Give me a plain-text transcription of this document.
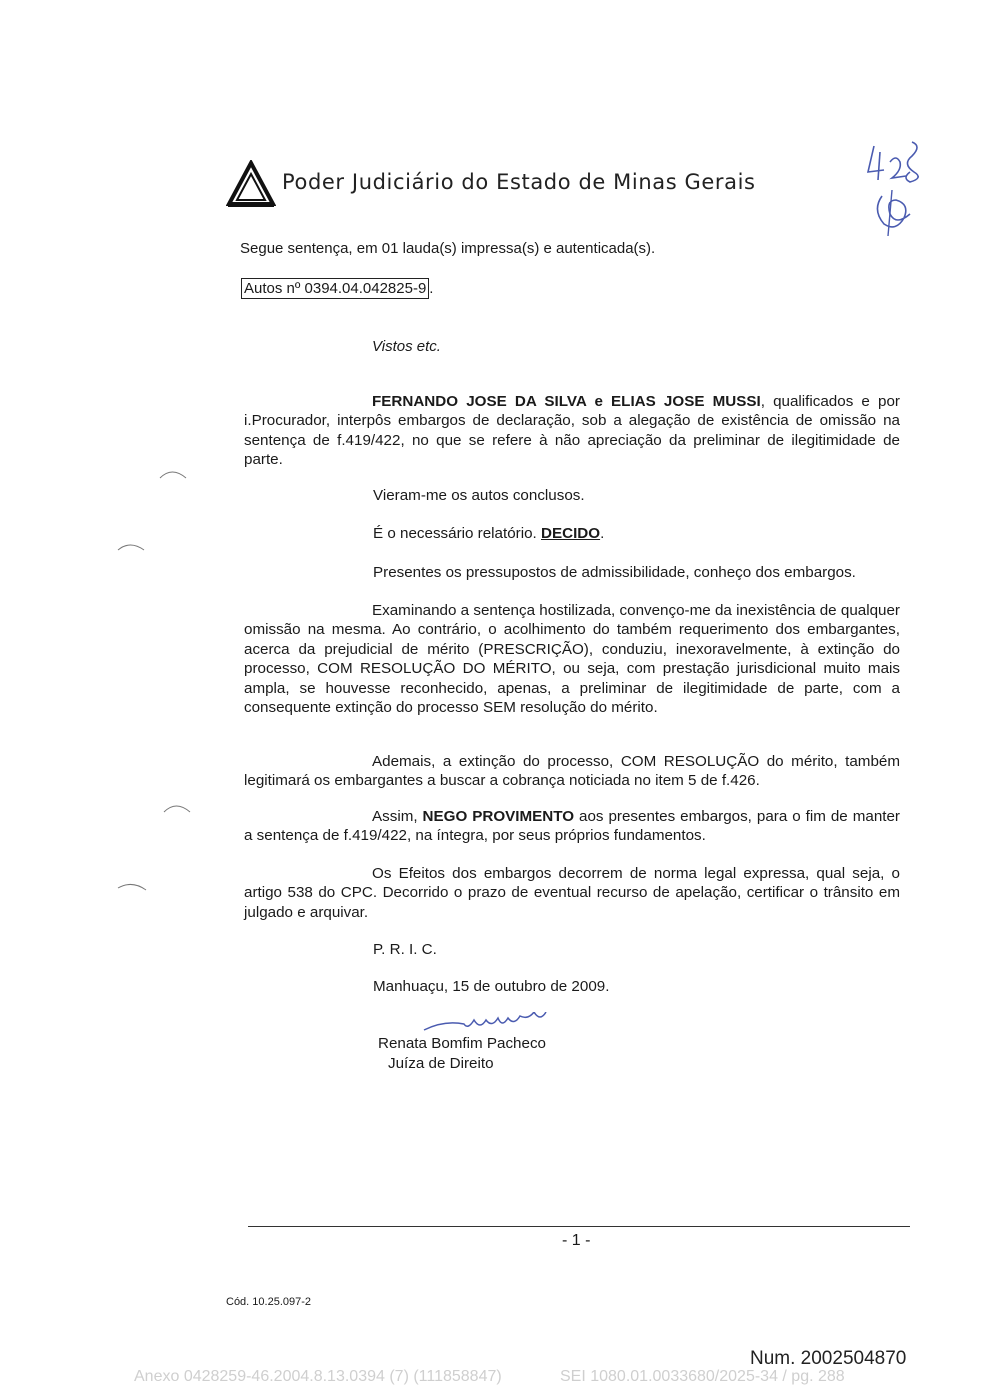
Poder Judiciário do Estado de Minas Gerais
Segue sentença, em 01 lauda(s) impressa(s) e autenticada(s).
Autos nº 0394.04.042825-9 .
Vistos etc.
FERNANDO JOSE DA SILVA e ELIAS JOSE MUSSI, qualificados e por i.Procurador, interpôs embargos de declaração, sob a alegação de existência de omissão na sentença de f.419/422, no que se refere à não apreciação da preliminar de ilegitimidade de parte.
Vieram-me os autos conclusos.
É o necessário relatório. DECIDO.
Presentes os pressupostos de admissibilidade, conheço dos embargos.
Examinando a sentença hostilizada, convenço-me da inexistência de qualquer omissão na mesma. Ao contrário, o acolhimento do também requerimento dos embargantes, acerca da prejudicial de mérito (PRESCRIÇÃO), conduziu, inexoravelmente, à extinção do processo, COM RESOLUÇÃO DO MÉRITO, ou seja, com prestação jurisdicional muito mais ampla, se houvesse reconhecido, apenas, a preliminar de ilegitimidade de parte, com a consequente extinção do processo SEM resolução do mérito.
Ademais, a extinção do processo, COM RESOLUÇÃO do mérito, também legitimará os embargantes a buscar a cobrança noticiada no item 5 de f.426.
Assim, NEGO PROVIMENTO aos presentes embargos, para o fim de manter a sentença de f.419/422, na íntegra, por seus próprios fundamentos.
Os Efeitos dos embargos decorrem de norma legal expressa, qual seja, o artigo 538 do CPC. Decorrido o prazo de eventual recurso de apelação, certificar o trânsito em julgado e arquivar.
P. R. I. C.
Manhuaçu, 15 de outubro de 2009.
Renata Bomfim Pacheco
Juíza de Direito
- 1 -
Cód. 10.25.097-2
Num. 2002504870
Anexo 0428259-46.2004.8.13.0394 (7) (111858847)	SEI 1080.01.0033680/2025-34 / pg. 288
